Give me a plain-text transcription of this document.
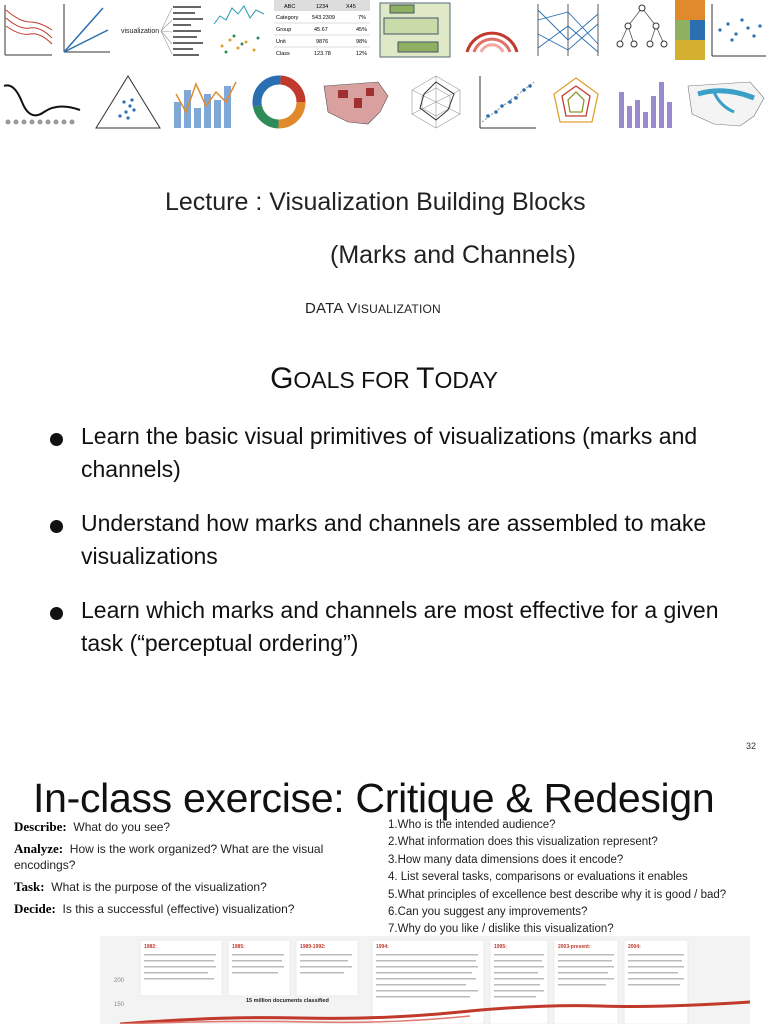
visualization
ABC	1234	X45
Category 543.2309	7%
Group	45.67	45%
Unit	9876	98%
Class	123.78	12%
Lecture : Visualization Building Blocks
(Marks and Channels)
DATA VISUALIZATION
GOALS FOR TODAY
Learn the basic visual primitives of visualizations (marks and channels)
Understand how marks and channels are assembled to make visualizations
Learn which marks and channels are most effective for a given task (“perceptual ordering”)
32
In-class exercise: Critique & Redesign

Describe: What do you see?

Analyze: How is the work organized? What are the visual encodings?

Task: What is the purpose of the visualization?

Decide: Is this a successful (effective) visualization?

1.Who is the intended audience?
2.What information does this visualization represent?
3.How many data dimensions does it encode?
4. List several tasks, comparisons or evaluations it enables
5.What principles of excellence best describe why it is good / bad?
6.Can you suggest any improvements?
7.Why do you like / dislike this visualization?
200
150
1982:	1985:	1989-1992:	1994:	1995:	2003-present:	2004:
15 million documents classified
